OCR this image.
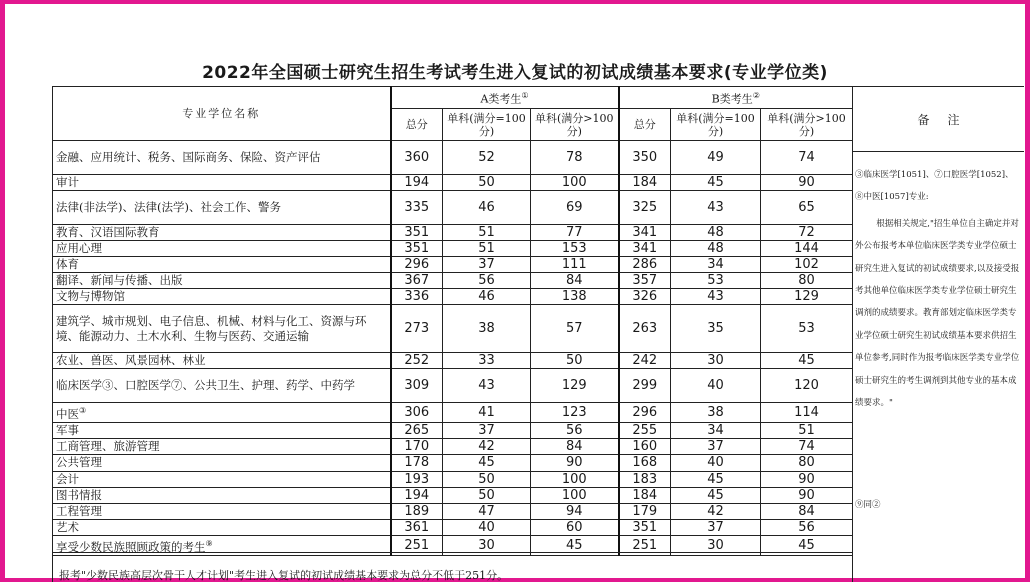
2022年全国硕士研究生招生考试考生进入复试的初试成绩基本要求(专业学位类)
专业学位名称	A类考生①			B类考生②
	总分	单科(满分=100分)	单科(满分>100分)	总分	单科(满分=100分)	单科(满分>100分)
金融、应用统计、税务、国际商务、保险、资产评估	360	52	78	350	49	74
审计	194	50	100	184	45	90
法律(非法学)、法律(法学)、社会工作、警务	335	46	69	325	43	65
教育、汉语国际教育	351	51	77	341	48	72
应用心理	351	51	153	341	48	144
体育	296	37	111	286	34	102
翻译、新闻与传播、出版	367	56	84	357	53	80
文物与博物馆	336	46	138	326	43	129
建筑学、城市规划、电子信息、机械、材料与化工、资源与环境、能源动力、土木水利、生物与医药、交通运输	273	38	57	263	35	53
农业、兽医、风景园林、林业	252	33	50	242	30	45
临床医学③、口腔医学⑦、公共卫生、护理、药学、中药学	309	43	129	299	40	120
中医③	306	41	123	296	38	114
军事	265	37	56	255	34	51
工商管理、旅游管理	170	42	84	160	37	74
公共管理	178	45	90	168	40	80
会计	193	50	100	183	45	90
图书情报	194	50	100	184	45	90
工程管理	189	47	94	179	42	84
艺术	361	40	60	351	37	56
享受少数民族照顾政策的考生⑨	251	30	45	251	30	45
备注
③临床医学[1051]、⑦口腔医学[1052]、⑧中医[1057]专业:
根据相关规定,"招生单位自主确定并对外公布报考本单位临床医学类专业学位硕士研究生进入复试的初试成绩要求,以及接受报考其他单位临床医学类专业学位硕士研究生调剂的成绩要求。教育部划定临床医学类专业学位硕士研究生初试成绩基本要求供招生单位参考,同时作为报考临床医学类专业学位硕士研究生的考生调剂到其他专业的基本成绩要求。"
⑨同②
报考"少数民族高层次骨干人才计划"考生进入复试的初试成绩基本要求为总分不低于251分。
